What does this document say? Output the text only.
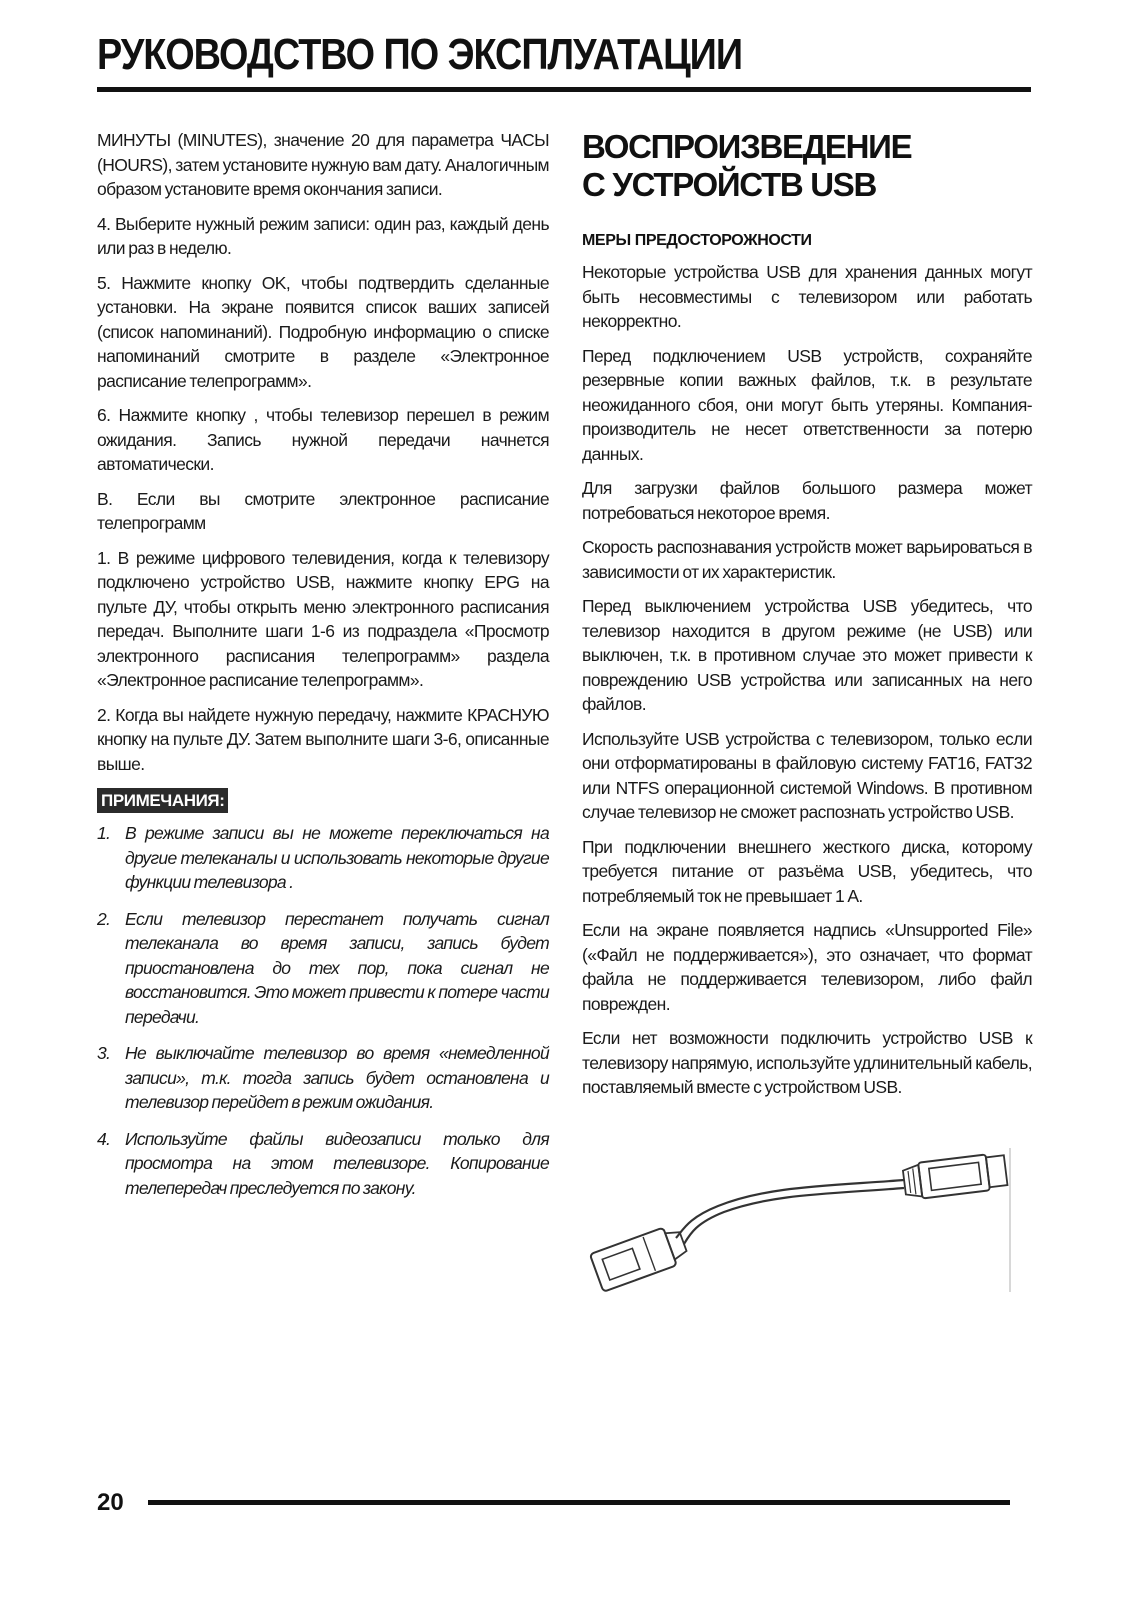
РУКОВОДСТВО ПО ЭКСПЛУАТАЦИИ

МИНУТЫ (MINUTES), значение 20 для параметра ЧАСЫ (HOURS), затем установите нужную вам дату. Аналогичным образом установите время окончания записи.

4. Выберите нужный режим записи: один раз, каждый день или раз в неделю.

5. Нажмите кнопку OK, чтобы подтвердить сделанные установки. На экране появится список ваших записей (список напоминаний). Подробную информацию о списке напоминаний смотрите в разделе «Электронное расписание телепрограмм».

6. Нажмите кнопку , чтобы телевизор перешел в режим ожидания. Запись нужной передачи начнется автоматически.

B. Если вы смотрите электронное расписание телепрограмм

1. В режиме цифрового телевидения, когда к телевизору подключено устройство USB, нажмите кнопку EPG на пульте ДУ, чтобы открыть меню электронного расписания передач. Выполните шаги 1-6 из подраздела «Просмотр электронного расписания телепрограмм» раздела «Электронное расписание телепрограмм».

2. Когда вы найдете нужную передачу, нажмите КРАСНУЮ кнопку на пульте ДУ. Затем выполните шаги 3-6, описанные выше.

ПРИМЕЧАНИЯ:
1. В режиме записи вы не можете переключаться на другие телеканалы и использовать некоторые другие функции телевизора .
2. Если телевизор перестанет получать сигнал телеканала во время записи, запись будет приостановлена до тех пор, пока сигнал не восстановится. Это может привести к потере части передачи.
3. Не выключайте телевизор во время «немедленной записи», т.к. тогда запись будет остановлена и телевизор перейдет в режим ожидания.
4. Используйте файлы видеозаписи только для просмотра на этом телевизоре. Копирование телепередач преследуется по закону.
ВОСПРОИЗВЕДЕНИЕ
С УСТРОЙСТВ USB
МЕРЫ ПРЕДОСТОРОЖНОСТИ

Некоторые устройства USB для хранения данных могут быть несовместимы с телевизором или работать некорректно.

Перед подключением USB устройств, сохраняйте резервные копии важных файлов, т.к. в результате неожиданного сбоя, они могут быть утеряны. Компания-производитель не несет ответственности за потерю данных.

Для загрузки файлов большого размера может потребоваться некоторое время.

Скорость распознавания устройств может варьироваться в зависимости от их характеристик.

Перед выключением устройства USB убедитесь, что телевизор находится в другом режиме (не USB) или выключен, т.к. в противном случае это может привести к повреждению USB устройства или записанных на него файлов.

Используйте USB устройства с телевизором, только если они отформатированы в файловую систему FAT16, FAT32 или NTFS операционной системой Windows. В противном случае телевизор не сможет распознать устройство USB.

При подключении внешнего жесткого диска, которому требуется питание от разъёма USB, убедитесь, что потребляемый ток не превышает 1 А.

Если на экране появляется надпись «Unsupported File» («Файл не поддерживается»), это означает, что формат файла не поддерживается телевизором, либо файл поврежден.

Если нет возможности подключить устройство USB к телевизору напрямую, используйте удлинительный кабель, поставляемый вместе с устройством USB.

20
